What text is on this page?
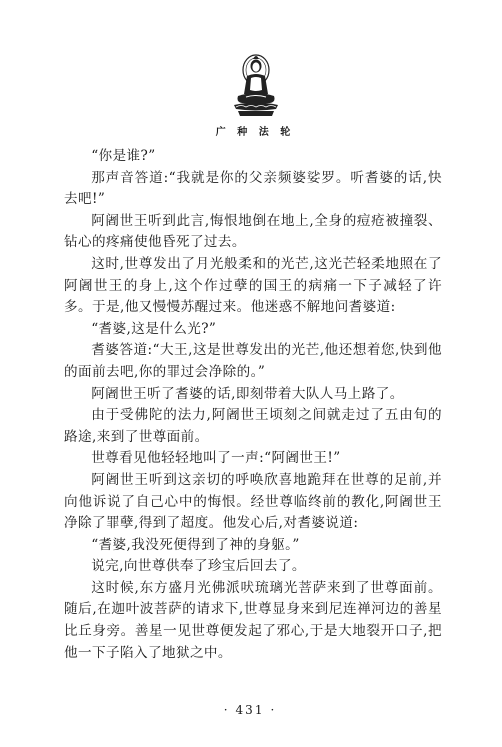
广 种 法 轮

“你是谁?”

那声音答道:“我就是你的父亲频婆娑罗。听耆婆的话,快去吧!”

阿阇世王听到此言,悔恨地倒在地上,全身的痘疮被撞裂、钻心的疼痛使他昏死了过去。

这时,世尊发出了月光般柔和的光芒,这光芒轻柔地照在了阿阇世王的身上,这个作过孽的国王的病痛一下子减轻了许多。于是,他又慢慢苏醒过来。他迷惑不解地问耆婆道:

“耆婆,这是什么光?”

耆婆答道:“大王,这是世尊发出的光芒,他还想着您,快到他的面前去吧,你的罪过会净除的。”

阿阇世王听了耆婆的话,即刻带着大队人马上路了。

由于受佛陀的法力,阿阇世王顷刻之间就走过了五由旬的路途,来到了世尊面前。

世尊看见他轻轻地叫了一声:“阿阇世王!”

阿阇世王听到这亲切的呼唤欣喜地跪拜在世尊的足前,并向他诉说了自己心中的悔恨。经世尊临终前的教化,阿阇世王净除了罪孽,得到了超度。他发心后,对耆婆说道:

“耆婆,我没死便得到了神的身躯。”

说完,向世尊供奉了珍宝后回去了。

这时候,东方盛月光佛派吠琉璃光菩萨来到了世尊面前。随后,在迦叶波菩萨的请求下,世尊显身来到尼连禅河边的善星比丘身旁。善星一见世尊便发起了邪心,于是大地裂开口子,把他一下子陷入了地狱之中。

· 431 ·
